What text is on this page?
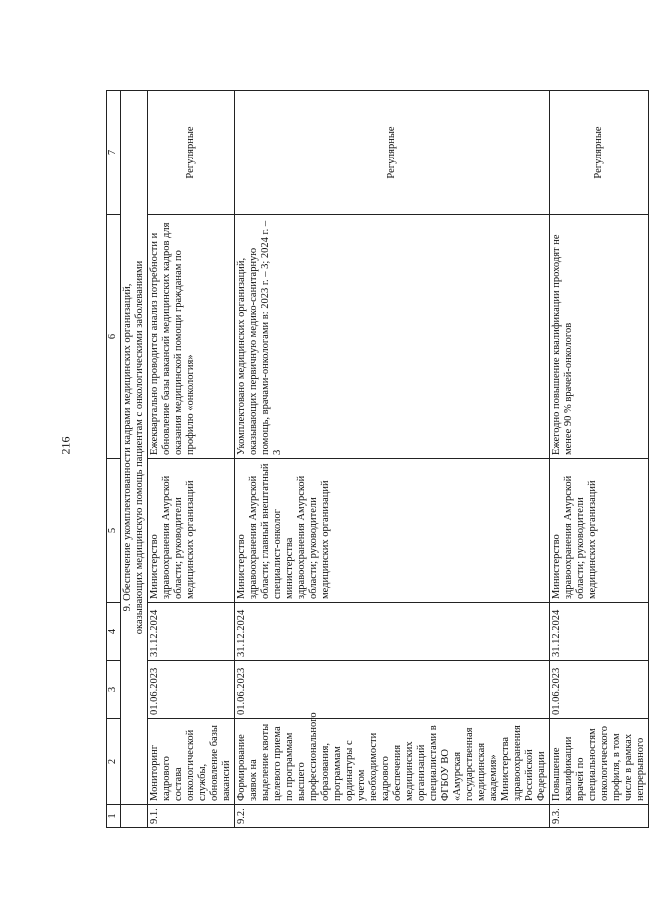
216
1	2	3	4	5	6	7

	9. Обеспечение укомплектованности кадрами медицинских организаций, оказывающих медицинскую помощь пациентам с онкологическими заболеваниями					

9.1.	Мониторинг кадрового состава онкологической службы, обновление базы вакансий	01.06.2023	31.12.2024	Министерство здравоохранения Амурской области; руководители медицинских организаций	Ежеквартально проводится анализ потребности и обновление базы вакансий медицинских кадров для оказания медицинской помощи гражданам по профилю «онкология»	Регулярные
9.2.	Формирование заявок на выделение квоты целевого приема по программам высшего профессионального образования, программам ординатуры с учетом необходимости кадрового обеспечения медицинских организаций специалистами в ФГБОУ ВО «Амурская государственная медицинская академия» Министерства здравоохранения Российской Федерации	01.06.2023	31.12.2024	Министерство здравоохранения Амурской области; главный внештатный специалист-онколог министерства здравоохранения Амурской области; руководители медицинских организаций	Укомплектовано медицинских организаций, оказывающих первичную медико-санитарную помощь, врачами-онкологами в: 2023 г. – 3; 2024 г. – 3	Регулярные
9.3.	Повышение квалификации врачей по специальностям онкологического профиля, в том числе в рамках непрерывного	01.06.2023	31.12.2024	Министерство здравоохранения Амурской области; руководители медицинских организаций	Ежегодно повышение квалификации проходят не менее 90 % врачей-онкологов	Регулярные
